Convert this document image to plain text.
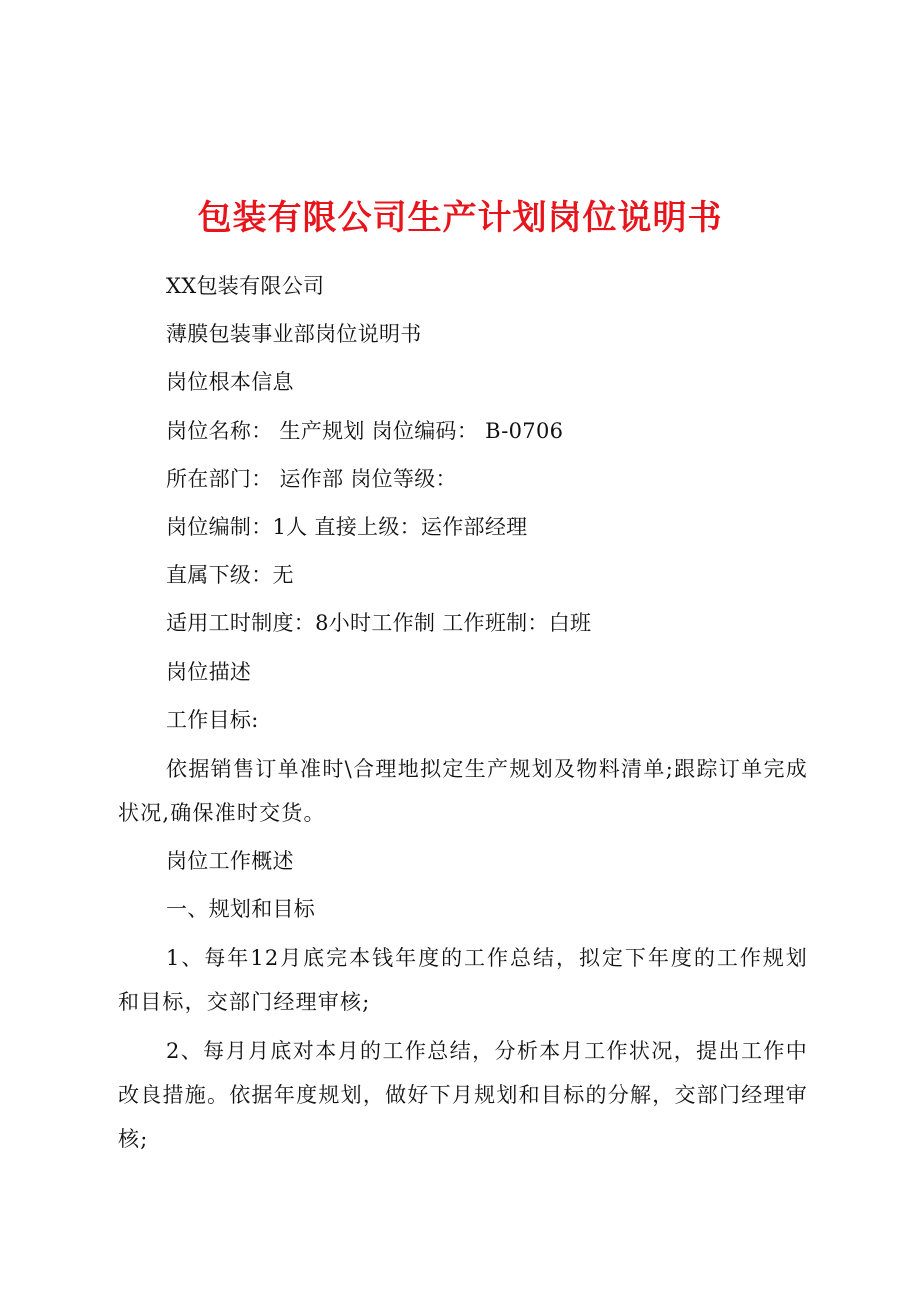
包装有限公司生产计划岗位说明书

XX包装有限公司

薄膜包装事业部岗位说明书

岗位根本信息

岗位名称： 生产规划 岗位编码： B-0706

所在部门： 运作部 岗位等级：

岗位编制：1人 直接上级：运作部经理

直属下级：无

适用工时制度：8小时工作制 工作班制：白班

岗位描述

工作目标:

依据销售订单准时\合理地拟定生产规划及物料清单;跟踪订单完成状况,确保准时交货。

岗位工作概述

一、规划和目标

1、每年12月底完本钱年度的工作总结，拟定下年度的工作规划和目标，交部门经理审核;

2、每月月底对本月的工作总结，分析本月工作状况，提出工作中改良措施。依据年度规划，做好下月规划和目标的分解，交部门经理审核;
